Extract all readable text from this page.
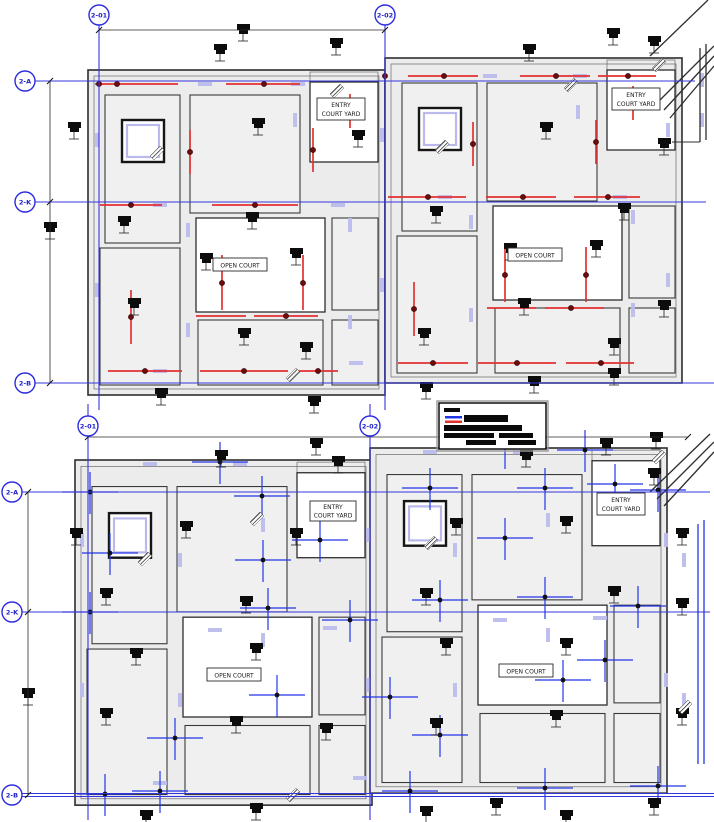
2-01	2-02
2-A
2-K
2-B
2-01	2-02
2-A
2-K
2-B
ENTRY
COURT YARD
ENTRY
COURT YARD
OPEN COURT
OPEN COURT
ENTRY
COURT YARD
ENTRY
COURT YARD
OPEN COURT
OPEN COURT
